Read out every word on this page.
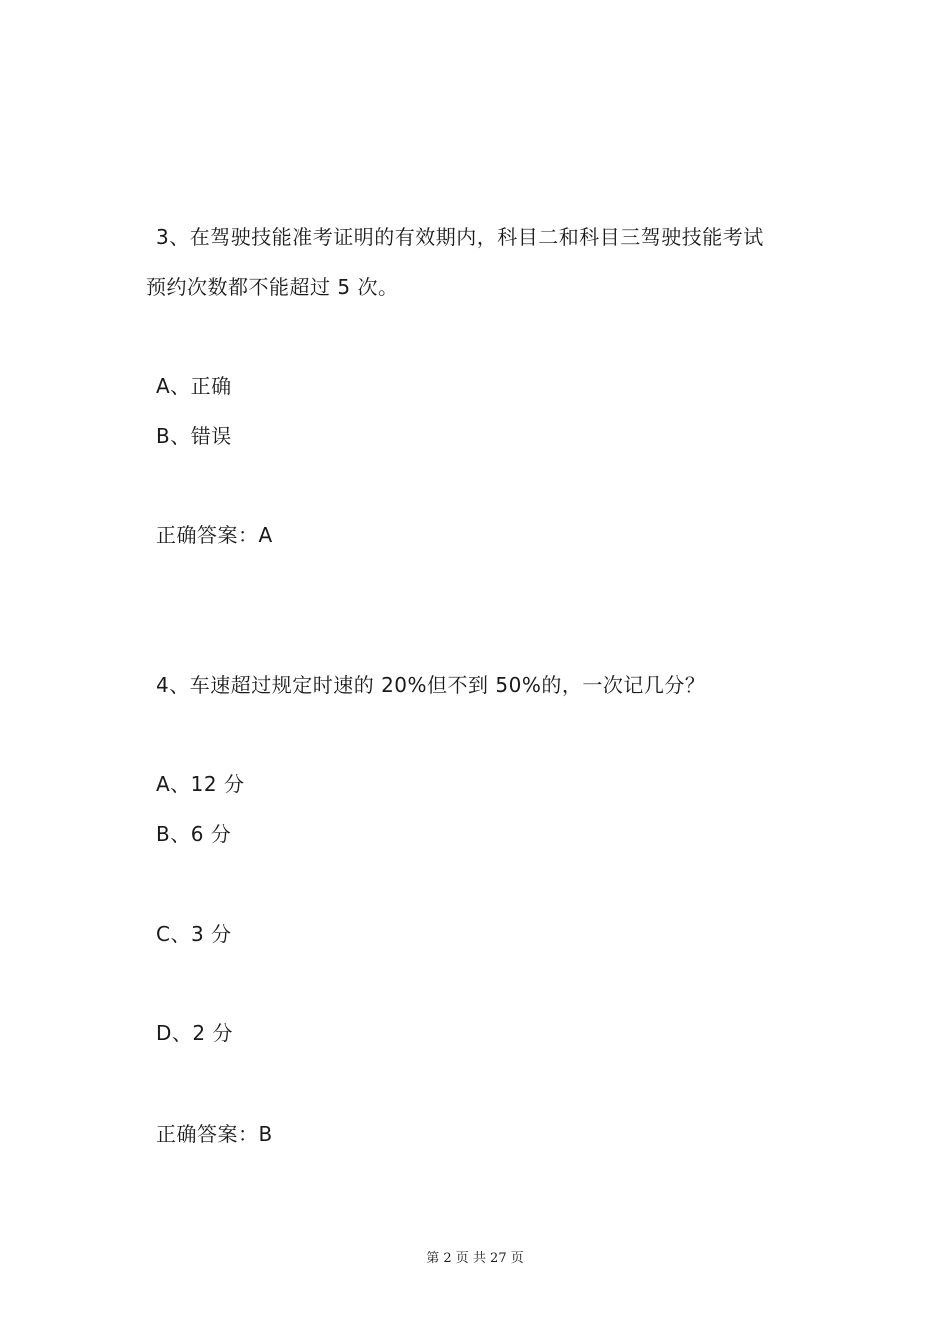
3、在驾驶技能准考证明的有效期内，科目二和科目三驾驶技能考试
预约次数都不能超过 5 次。
A、正确
B、错误
正确答案：A
4、车速超过规定时速的 20%但不到 50%的，一次记几分？
A、12 分
B、6 分
C、3 分
D、2 分
正确答案：B
第 2 页 共 27 页
